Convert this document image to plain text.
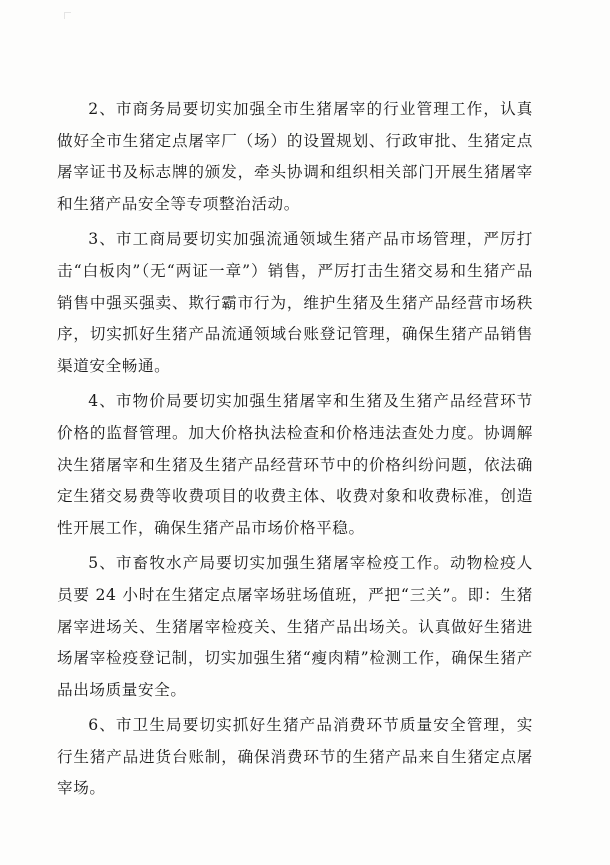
2、市商务局要切实加强全市生猪屠宰的行业管理工作，认真做好全市生猪定点屠宰厂（场）的设置规划、行政审批、生猪定点屠宰证书及标志牌的颁发，牵头协调和组织相关部门开展生猪屠宰和生猪产品安全等专项整治活动。

3、市工商局要切实加强流通领域生猪产品市场管理，严厉打击“白板肉”（无“两证一章”）销售，严厉打击生猪交易和生猪产品销售中强买强卖、欺行霸市行为，维护生猪及生猪产品经营市场秩序，切实抓好生猪产品流通领域台账登记管理，确保生猪产品销售渠道安全畅通。

4、市物价局要切实加强生猪屠宰和生猪及生猪产品经营环节价格的监督管理。加大价格执法检查和价格违法查处力度。协调解决生猪屠宰和生猪及生猪产品经营环节中的价格纠纷问题，依法确定生猪交易费等收费项目的收费主体、收费对象和收费标准，创造性开展工作，确保生猪产品市场价格平稳。

5、市畜牧水产局要切实加强生猪屠宰检疫工作。动物检疫人员要 24 小时在生猪定点屠宰场驻场值班，严把“三关”。即：生猪屠宰进场关、生猪屠宰检疫关、生猪产品出场关。认真做好生猪进场屠宰检疫登记制，切实加强生猪“瘦肉精”检测工作，确保生猪产品出场质量安全。

6、市卫生局要切实抓好生猪产品消费环节质量安全管理，实行生猪产品进货台账制，确保消费环节的生猪产品来自生猪定点屠宰场。
